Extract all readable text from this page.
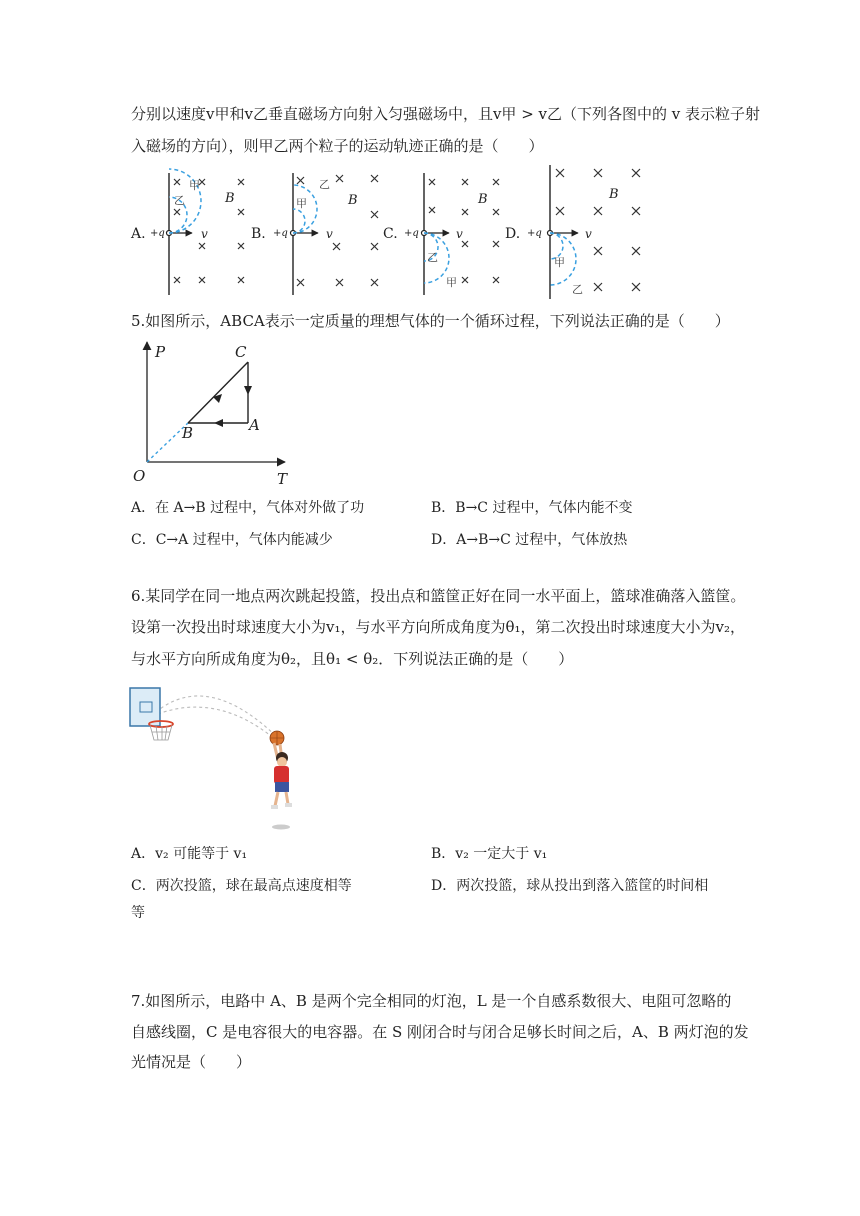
分别以速度v甲和v乙垂直磁场方向射入匀强磁场中，且v甲 > v乙（下列各图中的 v 表示粒子射
入磁场的方向），则甲乙两个粒子的运动轨迹正确的是（　　）
A.	B.	C.	D.
+q	+q	+q	+q
v	v	v	v
B	B	B	B
甲
乙
乙
甲
乙
甲
甲
乙
5.如图所示，ABCA表示一定质量的理想气体的一个循环过程，下列说法正确的是（　　）
P
T
O
C
A
B
A．在 A→B 过程中，气体对外做了功	B．B→C 过程中，气体内能不变
C．C→A 过程中，气体内能减少	D．A→B→C 过程中，气体放热
6.某同学在同一地点两次跳起投篮，投出点和篮筐正好在同一水平面上，篮球准确落入篮筐。
设第一次投出时球速度大小为v₁，与水平方向所成角度为θ₁，第二次投出时球速度大小为v₂，
与水平方向所成角度为θ₂，且θ₁ < θ₂．下列说法正确的是（　　）
A．v₂ 可能等于 v₁	B．v₂ 一定大于 v₁
C．两次投篮，球在最高点速度相等	D．两次投篮，球从投出到落入篮筐的时间相
等
7.如图所示，电路中 A、B 是两个完全相同的灯泡，L 是一个自感系数很大、电阻可忽略的
自感线圈，C 是电容很大的电容器。在 S 刚闭合时与闭合足够长时间之后，A、B 两灯泡的发
光情况是（　　）
